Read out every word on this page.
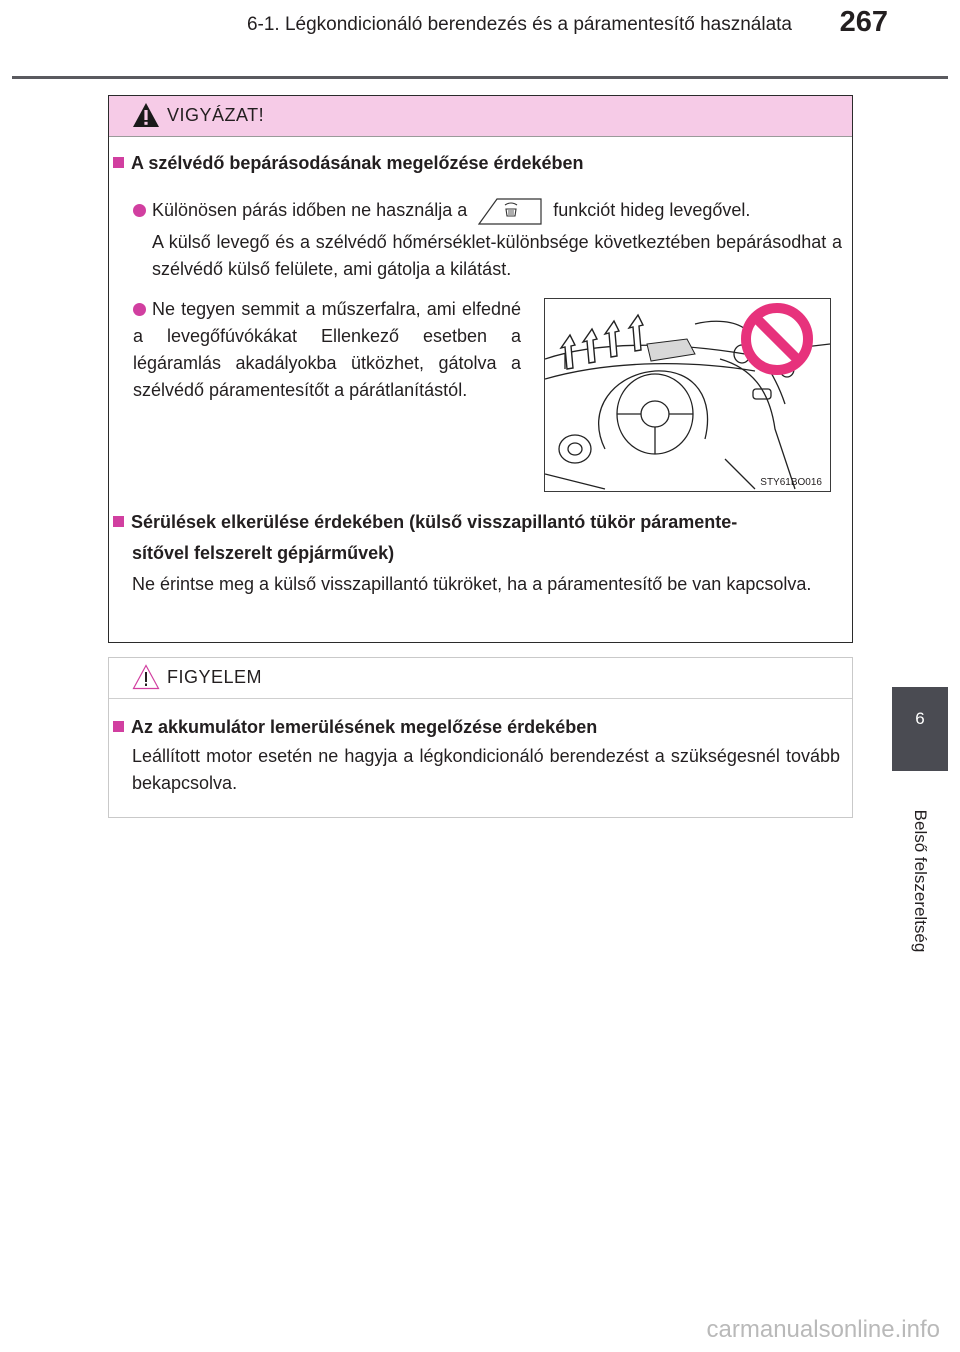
6-1. Légkondicionáló berendezés és a páramentesítő használata	267
6
Belső felszereltség
VIGYÁZAT!
A szélvédő bepárásodásának megelőzése érdekében
Különösen párás időben ne használja a	funkciót hideg levegővel.
A külső levegő és a szélvédő hőmérséklet-különbsége következtében bepárásodhat a szélvédő külső felülete, ami gátolja a kilátást.
Ne tegyen semmit a műszerfalra, ami elfedné a levegőfúvókákat Ellenkező esetben a légáramlás akadályokba ütközhet, gátolva a szélvédő páramentesítőt a párátlanítástól.
STY61BO016
Sérülések elkerülése érdekében (külső visszapillantó tükör páramente-
sítővel felszerelt gépjárművek)
Ne érintse meg a külső visszapillantó tükröket, ha a páramentesítő be van kapcsolva.
FIGYELEM
Az akkumulátor lemerülésének megelőzése érdekében
Leállított motor esetén ne hagyja a légkondicionáló berendezést a szükségesnél tovább bekapcsolva.
carmanualsonline.info
